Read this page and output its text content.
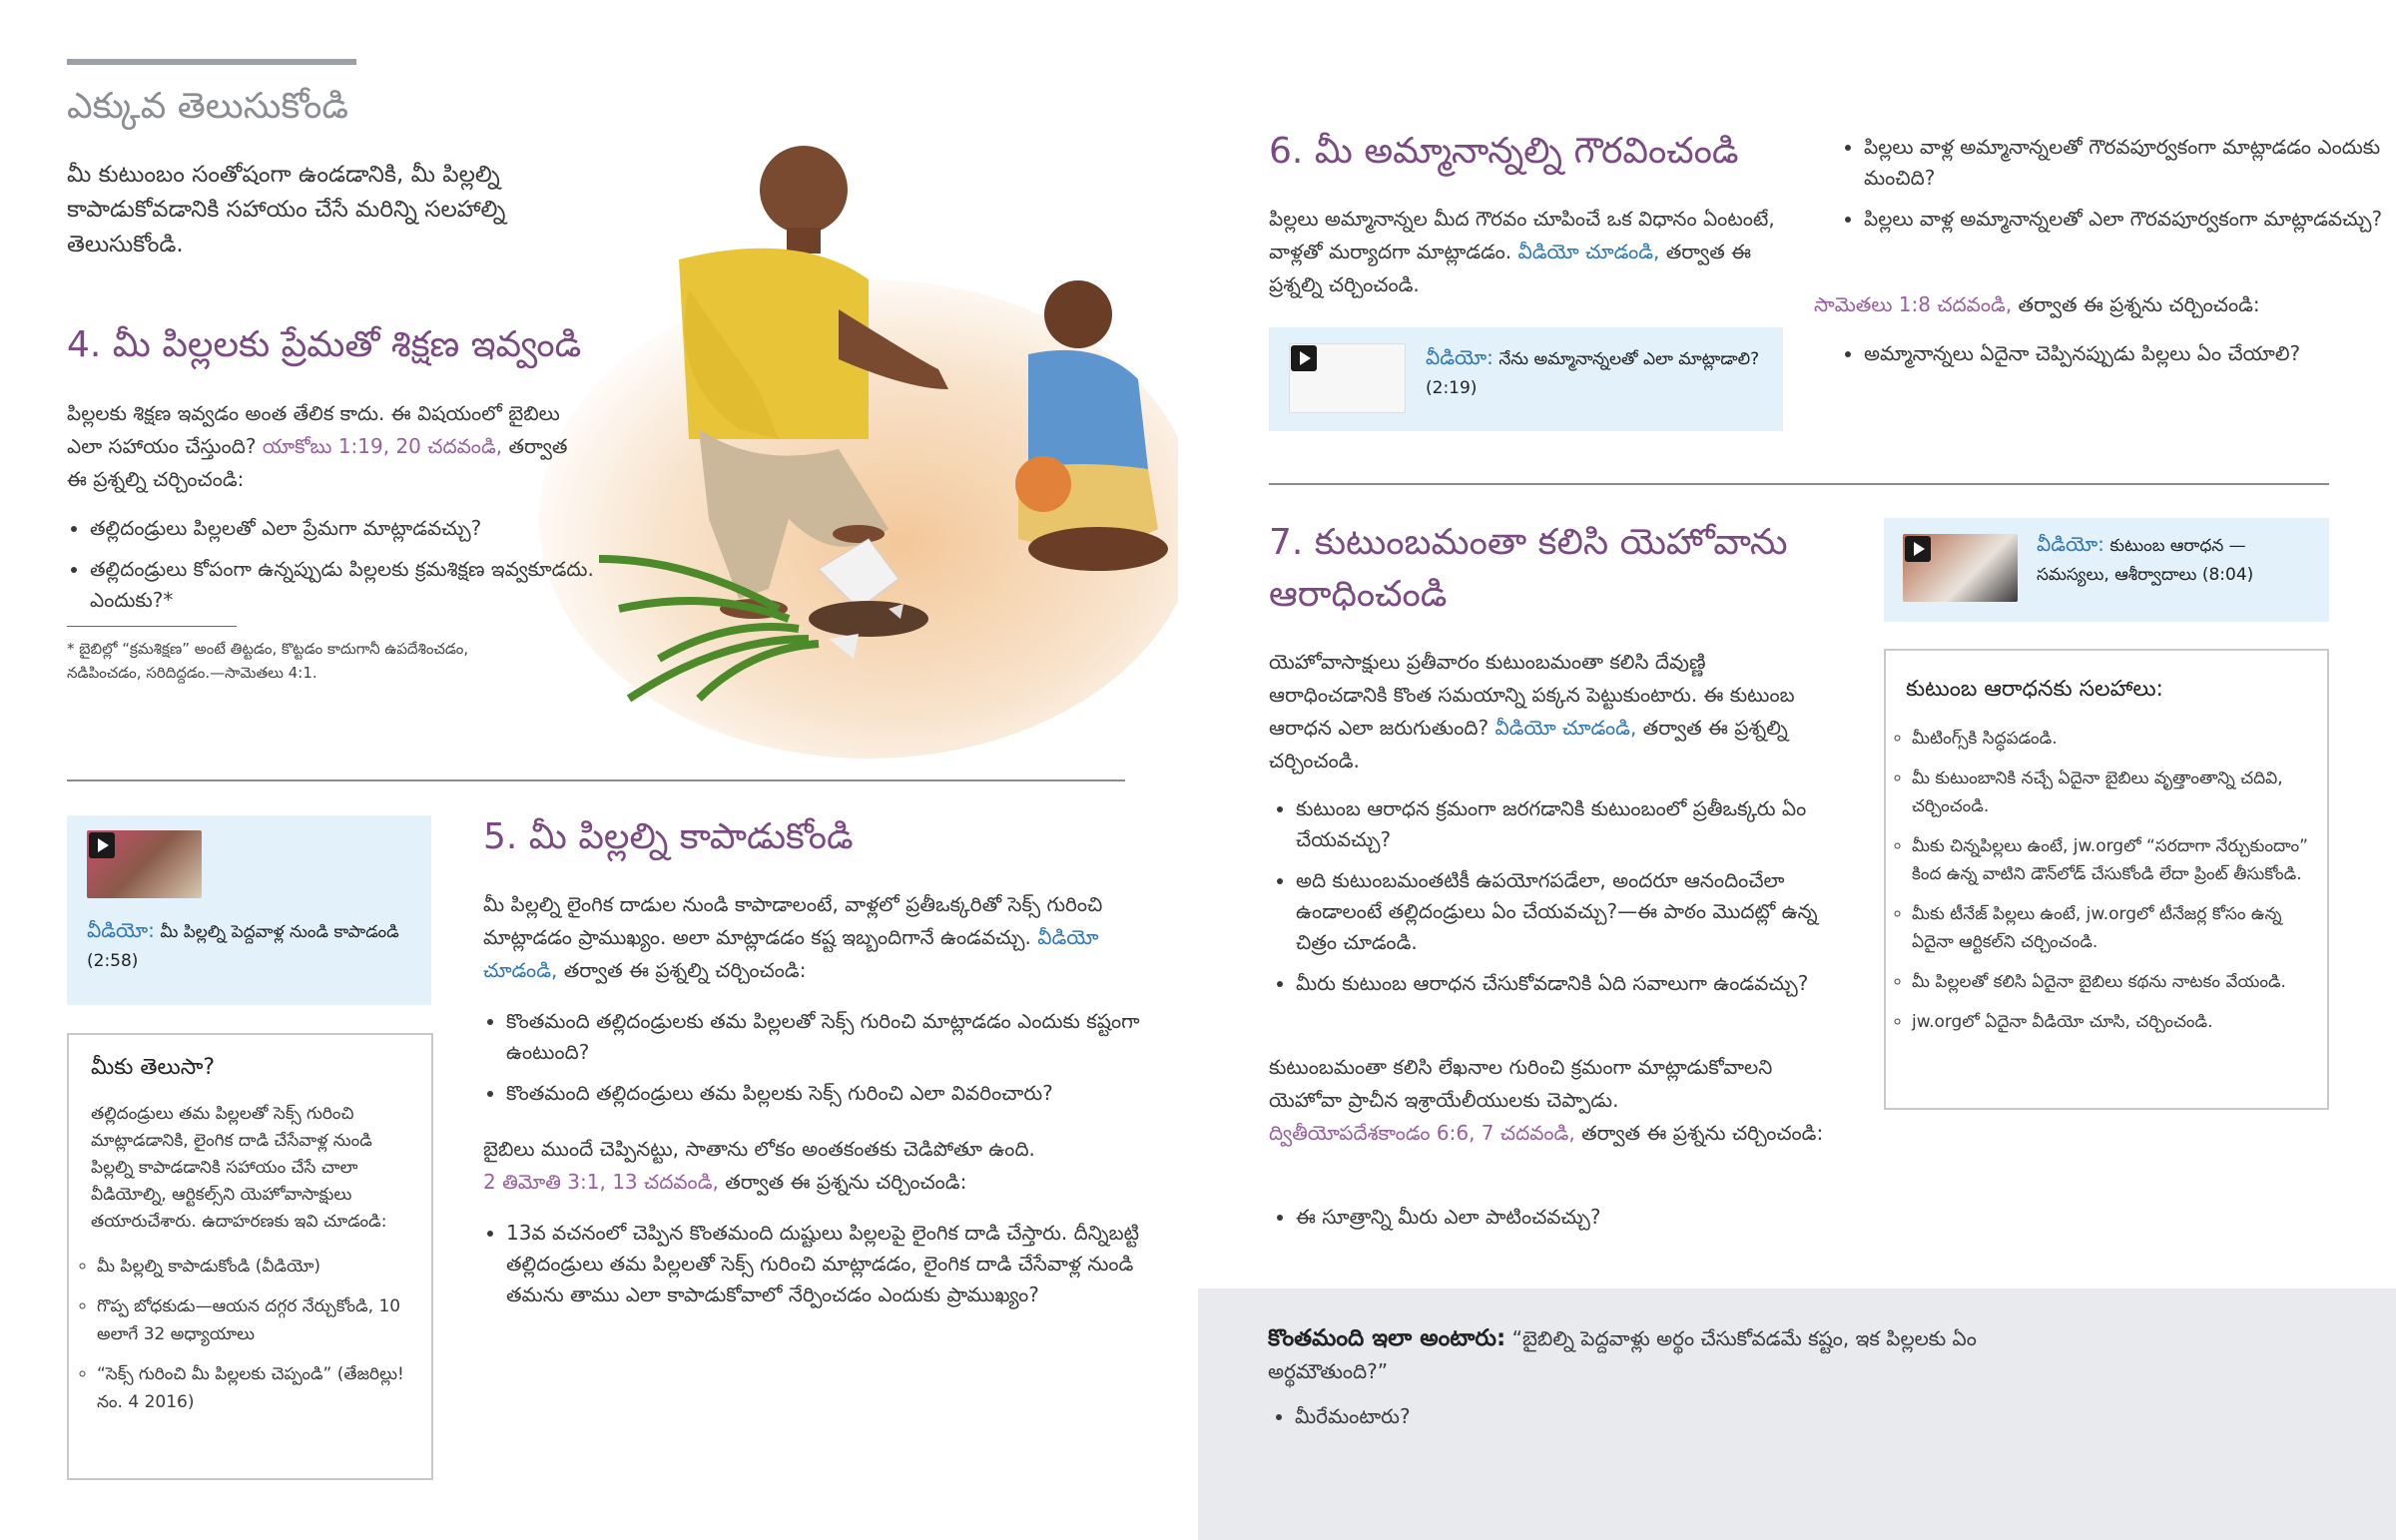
ఎక్కువ తెలుసుకోండి
మీ కుటుంబం సంతోషంగా ఉండడానికి, మీ పిల్లల్ని కాపాడుకోవడానికి సహాయం చేసే మరిన్ని సలహాల్ని తెలుసుకోండి.
4. మీ పిల్లలకు ప్రేమతో శిక్షణ ఇవ్వండి
పిల్లలకు శిక్షణ ఇవ్వడం అంత తేలిక కాదు. ఈ విషయంలో బైబిలు ఎలా సహాయం చేస్తుంది? యాకోబు 1:19, 20 చదవండి, తర్వాత ఈ ప్రశ్నల్ని చర్చించండి:
• తల్లిదండ్రులు పిల్లలతో ఎలా ప్రేమగా మాట్లాడవచ్చు?
• తల్లిదండ్రులు కోపంగా ఉన్నప్పుడు పిల్లలకు క్రమశిక్షణ ఇవ్వకూడదు. ఎందుకు?*
* బైబిల్లో “క్రమశిక్షణ” అంటే తిట్టడం, కొట్టడం కాదుగానీ ఉపదేశించడం, నడిపించడం, సరిదిద్దడం.—సామెతలు 4:1.
వీడియో: మీ పిల్లల్ని పెద్దవాళ్ల నుండి కాపాడండి (2:58)
మీకు తెలుసా?
తల్లిదండ్రులు తమ పిల్లలతో సెక్స్ గురించి మాట్లాడడానికి, లైంగిక దాడి చేసేవాళ్ల నుండి పిల్లల్ని కాపాడడానికి సహాయం చేసే చాలా వీడియోల్ని, ఆర్టికల్స్‌ని యెహోవాసాక్షులు తయారుచేశారు. ఉదాహరణకు ఇవి చూడండి:
◦ మీ పిల్లల్ని కాపాడుకోండి (వీడియో)
◦ గొప్ప బోధకుడు—ఆయన దగ్గర నేర్చుకోండి, 10 అలాగే 32 అధ్యాయాలు
◦ “సెక్స్ గురించి మీ పిల్లలకు చెప్పండి” (తేజరిల్లు! నం. 4 2016)
5. మీ పిల్లల్ని కాపాడుకోండి
మీ పిల్లల్ని లైంగిక దాడుల నుండి కాపాడాలంటే, వాళ్లలో ప్రతీఒక్కరితో సెక్స్ గురించి మాట్లాడడం ప్రాముఖ్యం. అలా మాట్లాడడం కష్ట ఇబ్బందిగానే ఉండవచ్చు. వీడియో చూడండి, తర్వాత ఈ ప్రశ్నల్ని చర్చించండి:
• కొంతమంది తల్లిదండ్రులకు తమ పిల్లలతో సెక్స్ గురించి మాట్లాడడం ఎందుకు కష్టంగా ఉంటుంది?
• కొంతమంది తల్లిదండ్రులు తమ పిల్లలకు సెక్స్ గురించి ఎలా వివరించారు?
బైబిలు ముందే చెప్పినట్టు, సాతాను లోకం అంతకంతకు చెడిపోతూ ఉంది.
2 తిమోతి 3:1, 13 చదవండి, తర్వాత ఈ ప్రశ్నను చర్చించండి:
• 13వ వచనంలో చెప్పిన కొంతమంది దుష్టులు పిల్లలపై లైంగిక దాడి చేస్తారు. దీన్నిబట్టి తల్లిదండ్రులు తమ పిల్లలతో సెక్స్ గురించి మాట్లాడడం, లైంగిక దాడి చేసేవాళ్ల నుండి తమను తాము ఎలా కాపాడుకోవాలో నేర్పించడం ఎందుకు ప్రాముఖ్యం?
6. మీ అమ్మానాన్నల్ని గౌరవించండి
పిల్లలు అమ్మానాన్నల మీద గౌరవం చూపించే ఒక విధానం ఏంటంటే, వాళ్లతో మర్యాదగా మాట్లాడడం. వీడియో చూడండి, తర్వాత ఈ ప్రశ్నల్ని చర్చించండి.
వీడియో: నేను అమ్మానాన్నలతో ఎలా మాట్లాడాలి? (2:19)
• పిల్లలు వాళ్ల అమ్మానాన్నలతో గౌరవపూర్వకంగా మాట్లాడడం ఎందుకు మంచిది?
• పిల్లలు వాళ్ల అమ్మానాన్నలతో ఎలా గౌరవపూర్వకంగా మాట్లాడవచ్చు?
సామెతలు 1:8 చదవండి, తర్వాత ఈ ప్రశ్నను చర్చించండి:
• అమ్మానాన్నలు ఏదైనా చెప్పినప్పుడు పిల్లలు ఏం చేయాలి?
7. కుటుంబమంతా కలిసి యెహోవాను ఆరాధించండి
యెహోవాసాక్షులు ప్రతీవారం కుటుంబమంతా కలిసి దేవుణ్ణి ఆరాధించడానికి కొంత సమయాన్ని పక్కన పెట్టుకుంటారు. ఈ కుటుంబ ఆరాధన ఎలా జరుగుతుంది? వీడియో చూడండి, తర్వాత ఈ ప్రశ్నల్ని చర్చించండి.
• కుటుంబ ఆరాధన క్రమంగా జరగడానికి కుటుంబంలో ప్రతీఒక్కరు ఏం చేయవచ్చు?
• అది కుటుంబమంతటికీ ఉపయోగపడేలా, అందరూ ఆనందించేలా ఉండాలంటే తల్లిదండ్రులు ఏం చేయవచ్చు?—ఈ పాఠం మొదట్లో ఉన్న చిత్రం చూడండి.
• మీరు కుటుంబ ఆరాధన చేసుకోవడానికి ఏది సవాలుగా ఉండవచ్చు?
కుటుంబమంతా కలిసి లేఖనాల గురించి క్రమంగా మాట్లాడుకోవాలని యెహోవా ప్రాచీన ఇశ్రాయేలీయులకు చెప్పాడు.
ద్వితీయోపదేశకాండం 6:6, 7 చదవండి, తర్వాత ఈ ప్రశ్నను చర్చించండి:
• ఈ సూత్రాన్ని మీరు ఎలా పాటించవచ్చు?
వీడియో: కుటుంబ ఆరాధన —సమస్యలు, ఆశీర్వాదాలు (8:04)
కుటుంబ ఆరాధనకు సలహాలు:
◦ మీటింగ్స్‌కి సిద్ధపడండి.
◦ మీ కుటుంబానికి నచ్చే ఏదైనా బైబిలు వృత్తాంతాన్ని చదివి, చర్చించండి.
◦ మీకు చిన్నపిల్లలు ఉంటే, jw.orgలో “సరదాగా నేర్చుకుందాం” కింద ఉన్న వాటిని డౌన్‌లోడ్ చేసుకోండి లేదా ప్రింట్ తీసుకోండి.
◦ మీకు టీనేజ్ పిల్లలు ఉంటే, jw.orgలో టీనేజర్ల కోసం ఉన్న ఏదైనా ఆర్టికల్‌ని చర్చించండి.
◦ మీ పిల్లలతో కలిసి ఏదైనా బైబిలు కథను నాటకం వేయండి.
◦ jw.orgలో ఏదైనా వీడియో చూసి, చర్చించండి.
కొంతమంది ఇలా అంటారు: “బైబిల్ని పెద్దవాళ్లు అర్థం చేసుకోవడమే కష్టం, ఇక పిల్లలకు ఏం అర్థమౌతుంది?”
• మీరేమంటారు?
